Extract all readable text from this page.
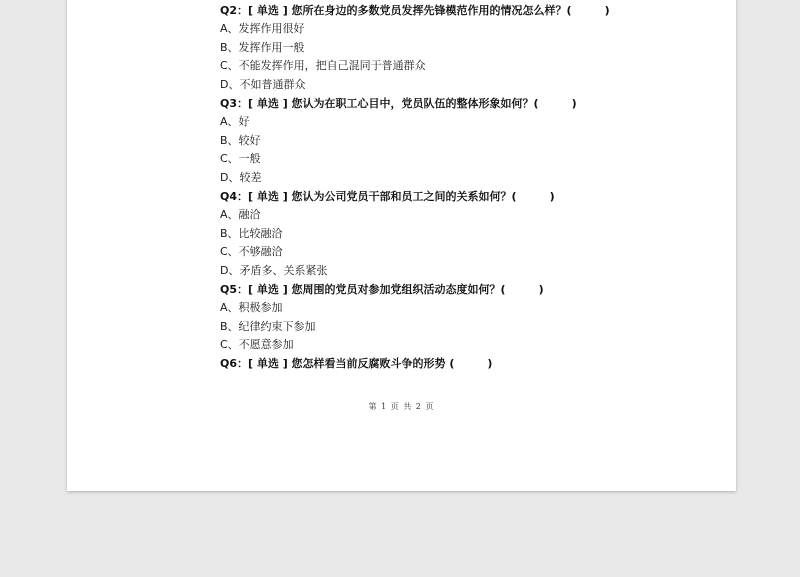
Q2：[ 单选 ] 您所在身边的多数党员发挥先锋模范作用的情况怎么样？(　　　)
A、发挥作用很好
B、发挥作用一般
C、不能发挥作用，把自己混同于普通群众
D、不如普通群众
Q3：[ 单选 ] 您认为在职工心目中，党员队伍的整体形象如何？(　　　)
A、好
B、较好
C、一般
D、较差
Q4：[ 单选 ] 您认为公司党员干部和员工之间的关系如何？(　　　)
A、融洽
B、比较融洽
C、不够融洽
D、矛盾多、关系紧张
Q5：[ 单选 ] 您周围的党员对参加党组织活动态度如何？(　　　)
A、积极参加
B、纪律约束下参加
C、不愿意参加
Q6：[ 单选 ] 您怎样看当前反腐败斗争的形势 (　　　)
第 1 页 共 2 页
